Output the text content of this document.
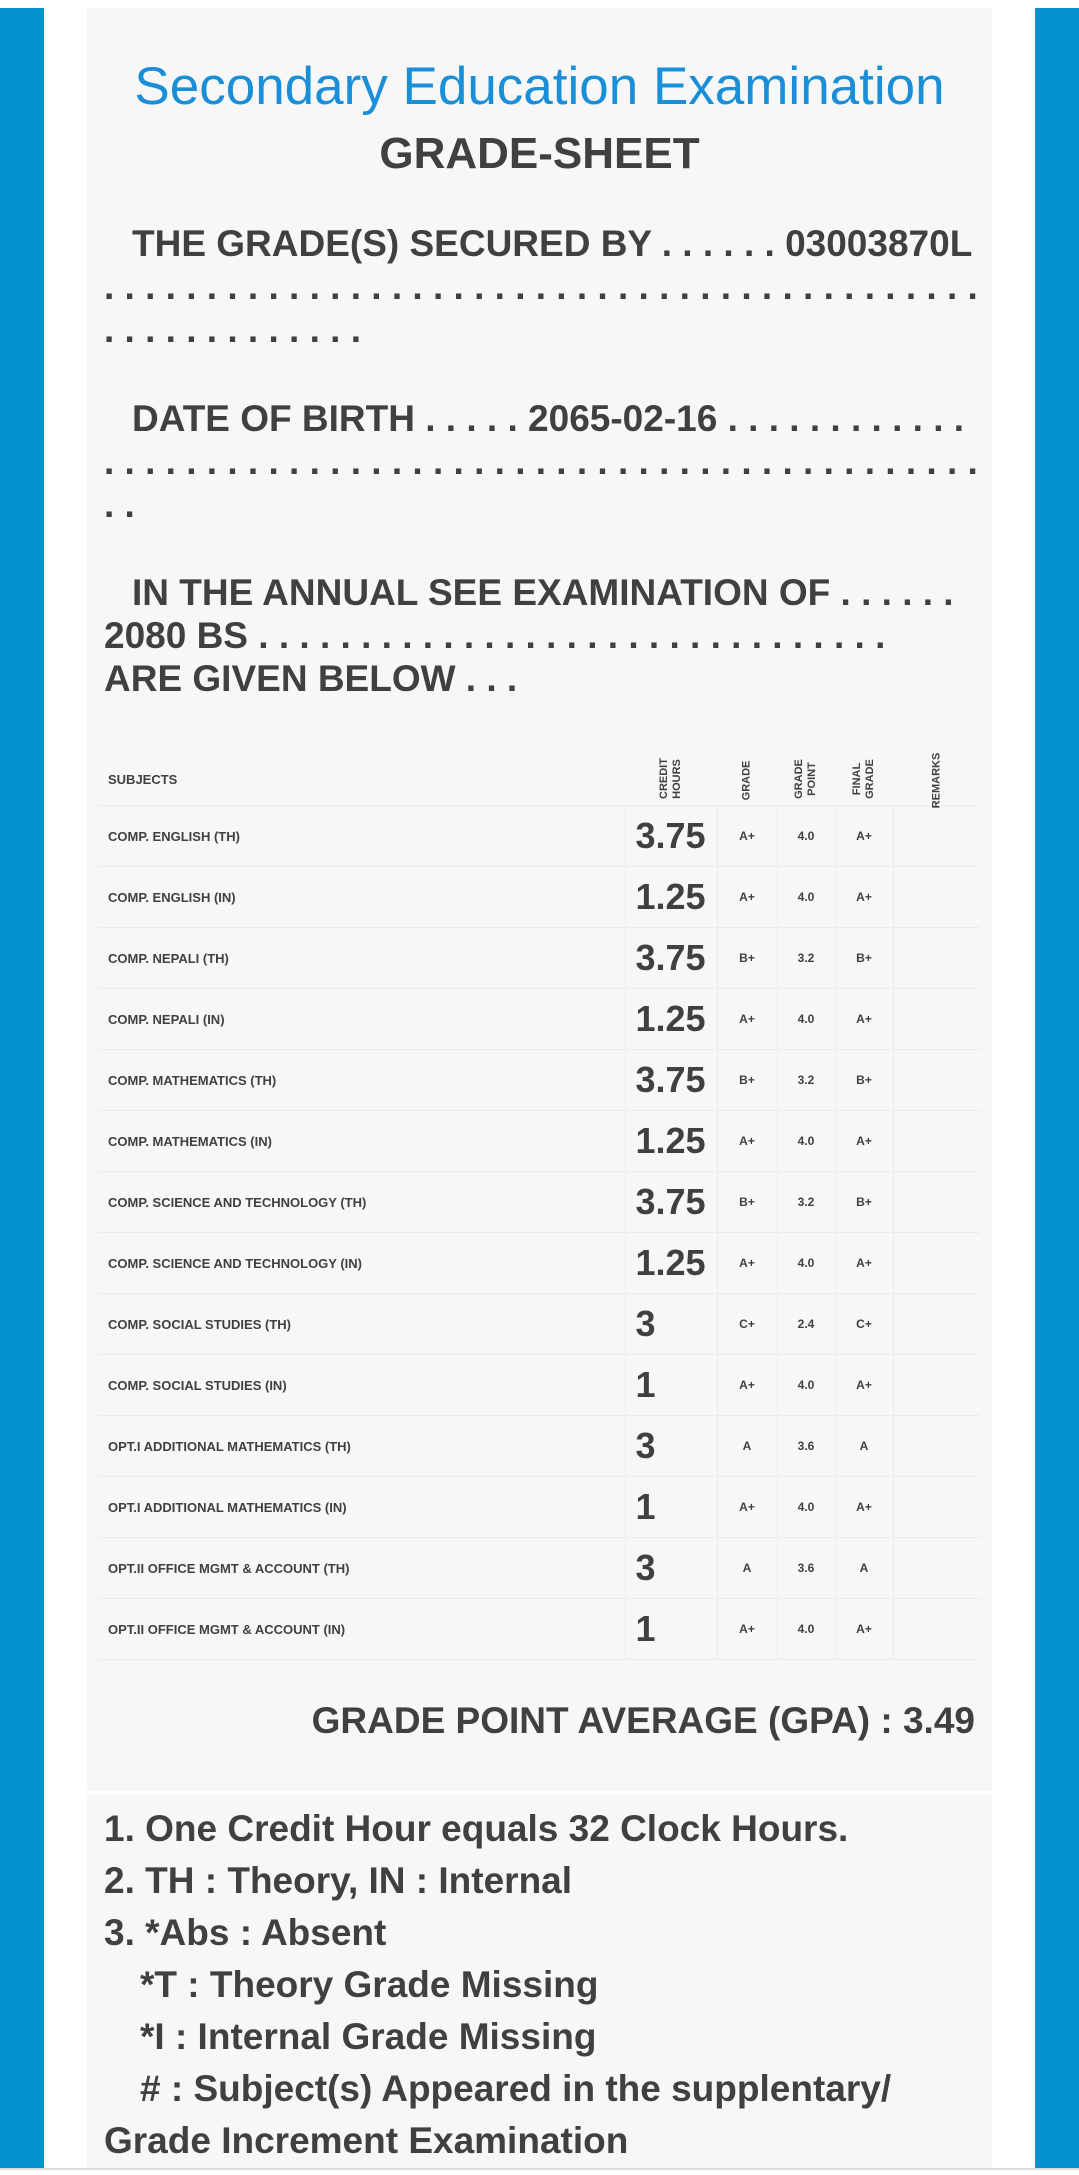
Secondary Education Examination
GRADE-SHEET

THE GRADE(S) SECURED BY . . . . . . 03003870L . . . . . . . . . . . . . . . . . . . . . . . . . . . . . . . . . . . . . . . . . . . . . . . . . . . . . . . .

DATE OF BIRTH . . . . . 2065-02-16 . . . . . . . . . . . . . . . . . . . . . . . . . . . . . . . . . . . . . . . . . . . . . . . . . . . . . . . . .

IN THE ANNUAL SEE EXAMINATION OF . . . . . .
2080 BS . . . . . . . . . . . . . . . . . . . . . . . . . . . . . . .
ARE GIVEN BELOW . . .

SUBJECTS	CREDIT HOURS	GRADE	GRADE POINT	FINAL GRADE	REMARKS
COMP. ENGLISH (TH)	3.75	A+	4.0	A+	
COMP. ENGLISH (IN)	1.25	A+	4.0	A+	
COMP. NEPALI (TH)	3.75	B+	3.2	B+	
COMP. NEPALI (IN)	1.25	A+	4.0	A+	
COMP. MATHEMATICS (TH)	3.75	B+	3.2	B+	
COMP. MATHEMATICS (IN)	1.25	A+	4.0	A+	
COMP. SCIENCE AND TECHNOLOGY (TH)	3.75	B+	3.2	B+	
COMP. SCIENCE AND TECHNOLOGY (IN)	1.25	A+	4.0	A+	
COMP. SOCIAL STUDIES (TH)	3	C+	2.4	C+	
COMP. SOCIAL STUDIES (IN)	1	A+	4.0	A+	
OPT.I ADDITIONAL MATHEMATICS (TH)	3	A	3.6	A	
OPT.I ADDITIONAL MATHEMATICS (IN)	1	A+	4.0	A+	
OPT.II OFFICE MGMT & ACCOUNT (TH)	3	A	3.6	A	
OPT.II OFFICE MGMT & ACCOUNT (IN)	1	A+	4.0	A+	
GRADE POINT AVERAGE (GPA) : 3.49
1. One Credit Hour equals 32 Clock Hours.
2. TH : Theory, IN : Internal
3. *Abs : Absent
*T : Theory Grade Missing
*I : Internal Grade Missing
# : Subject(s) Appeared in the supplentary/ Grade Increment Examination
